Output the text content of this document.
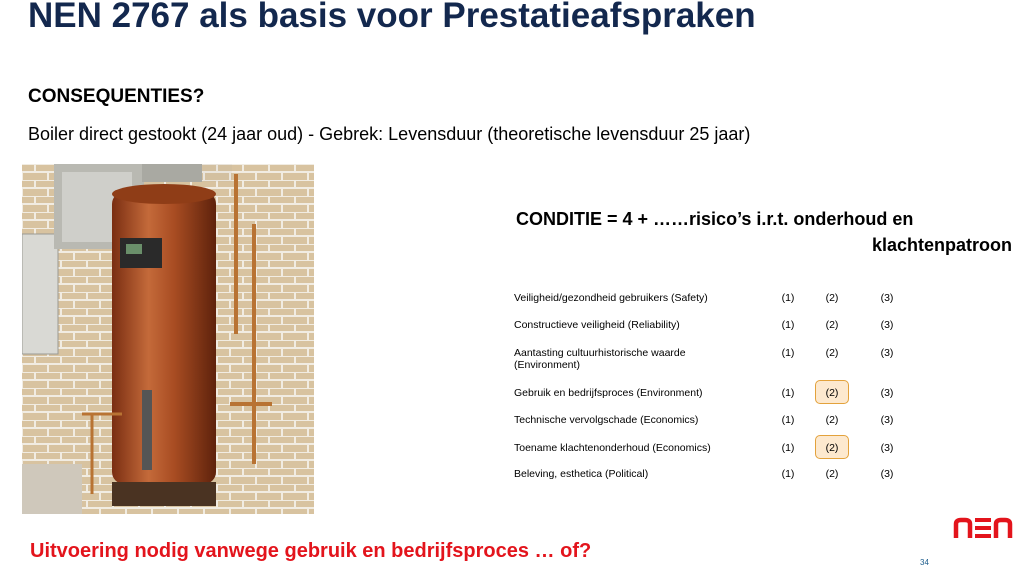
NEN 2767 als basis voor Prestatieafspraken
CONSEQUENTIES?
Boiler direct gestookt (24 jaar oud) - Gebrek: Levensduur (theoretische levensduur 25 jaar)
CONDITIE = 4 + ……risico’s i.r.t. onderhoud en
klachtenpatroon
Veiligheid/gezondheid gebruikers (Safety)	(1)	(2)	(3)
Constructieve veiligheid (Reliability)	(1)	(2)	(3)
Aantasting cultuurhistorische waarde (Environment)
(1)	(2)	(3)
Gebruik en bedrijfsproces (Environment)	(1)	(2)	(3)
Technische vervolgschade (Economics)	(1)	(2)	(3)
Toename klachtenonderhoud (Economics)	(1)	(2)	(3)
Beleving, esthetica (Political)	(1)	(2)	(3)
Uitvoering nodig vanwege gebruik en bedrijfsproces … of?
34
